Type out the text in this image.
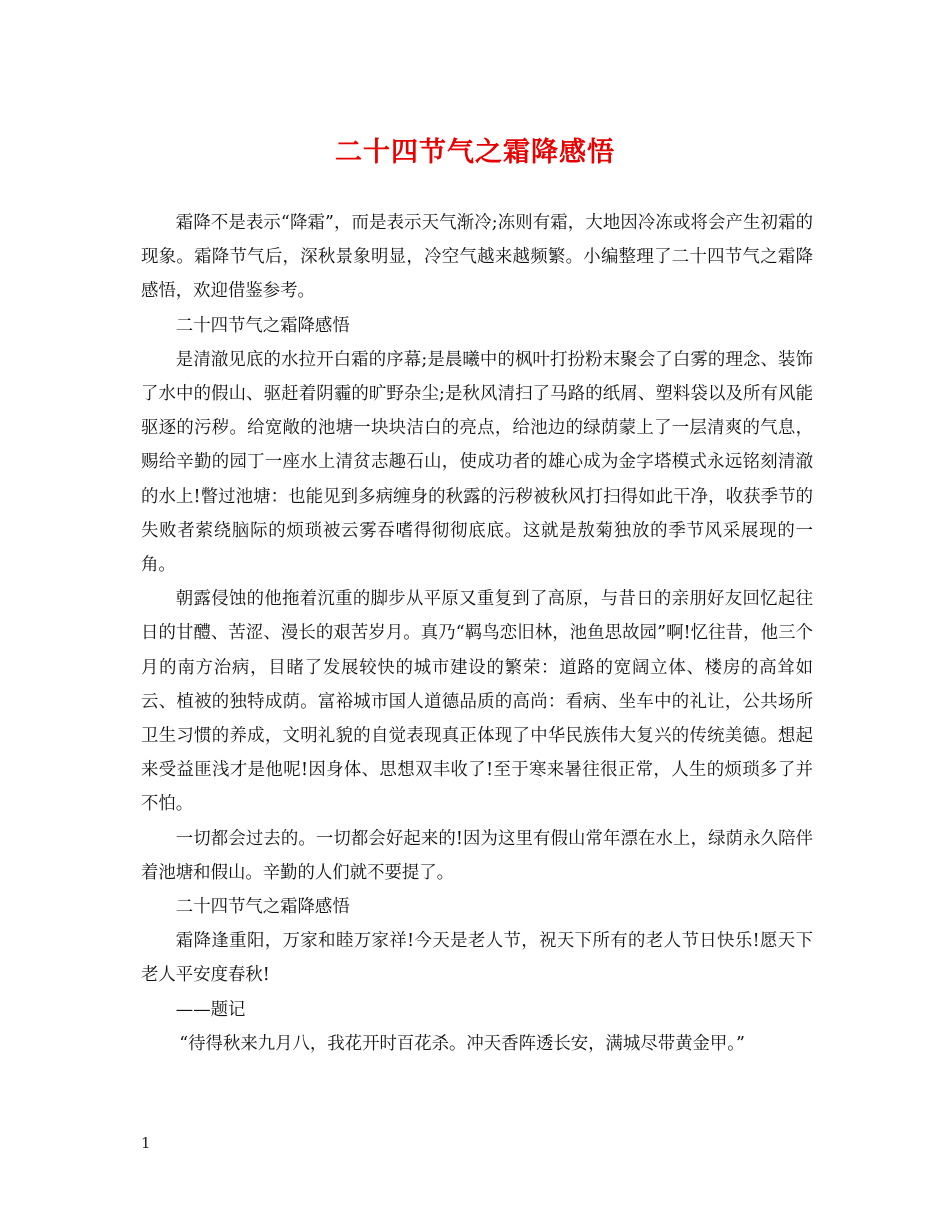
二十四节气之霜降感悟

霜降不是表示“降霜”，而是表示天气渐冷;冻则有霜，大地因冷冻或将会产生初霜的现象。霜降节气后，深秋景象明显，冷空气越来越频繁。小编整理了二十四节气之霜降感悟，欢迎借鉴参考。

二十四节气之霜降感悟

是清澈见底的水拉开白霜的序幕;是晨曦中的枫叶打扮粉末聚会了白雾的理念、装饰了水中的假山、驱赶着阴霾的旷野杂尘;是秋风清扫了马路的纸屑、塑料袋以及所有风能驱逐的污秽。给宽敞的池塘一块块洁白的亮点，给池边的绿荫蒙上了一层清爽的气息，赐给辛勤的园丁一座水上清贫志趣石山，使成功者的雄心成为金字塔模式永远铭刻清澈的水上!瞥过池塘：也能见到多病缠身的秋露的污秽被秋风打扫得如此干净，收获季节的失败者萦绕脑际的烦琐被云雾吞嗜得彻彻底底。这就是敖菊独放的季节风采展现的一角。

朝露侵蚀的他拖着沉重的脚步从平原又重复到了高原，与昔日的亲朋好友回忆起往日的甘醴、苦涩、漫长的艰苦岁月。真乃“羁鸟恋旧林，池鱼思故园”啊!忆往昔，他三个月的南方治病，目睹了发展较快的城市建设的繁荣：道路的宽阔立体、楼房的高耸如云、植被的独特成荫。富裕城市国人道德品质的高尚：看病、坐车中的礼让，公共场所卫生习惯的养成，文明礼貌的自觉表现真正体现了中华民族伟大复兴的传统美德。想起来受益匪浅才是他呢!因身体、思想双丰收了!至于寒来暑往很正常，人生的烦琐多了并不怕。

一切都会过去的。一切都会好起来的!因为这里有假山常年漂在水上，绿荫永久陪伴着池塘和假山。辛勤的人们就不要提了。

二十四节气之霜降感悟

霜降逢重阳，万家和睦万家祥!今天是老人节，祝天下所有的老人节日快乐!愿天下老人平安度春秋!

——题记

“待得秋来九月八，我花开时百花杀。冲天香阵透长安，满城尽带黄金甲。”

1
